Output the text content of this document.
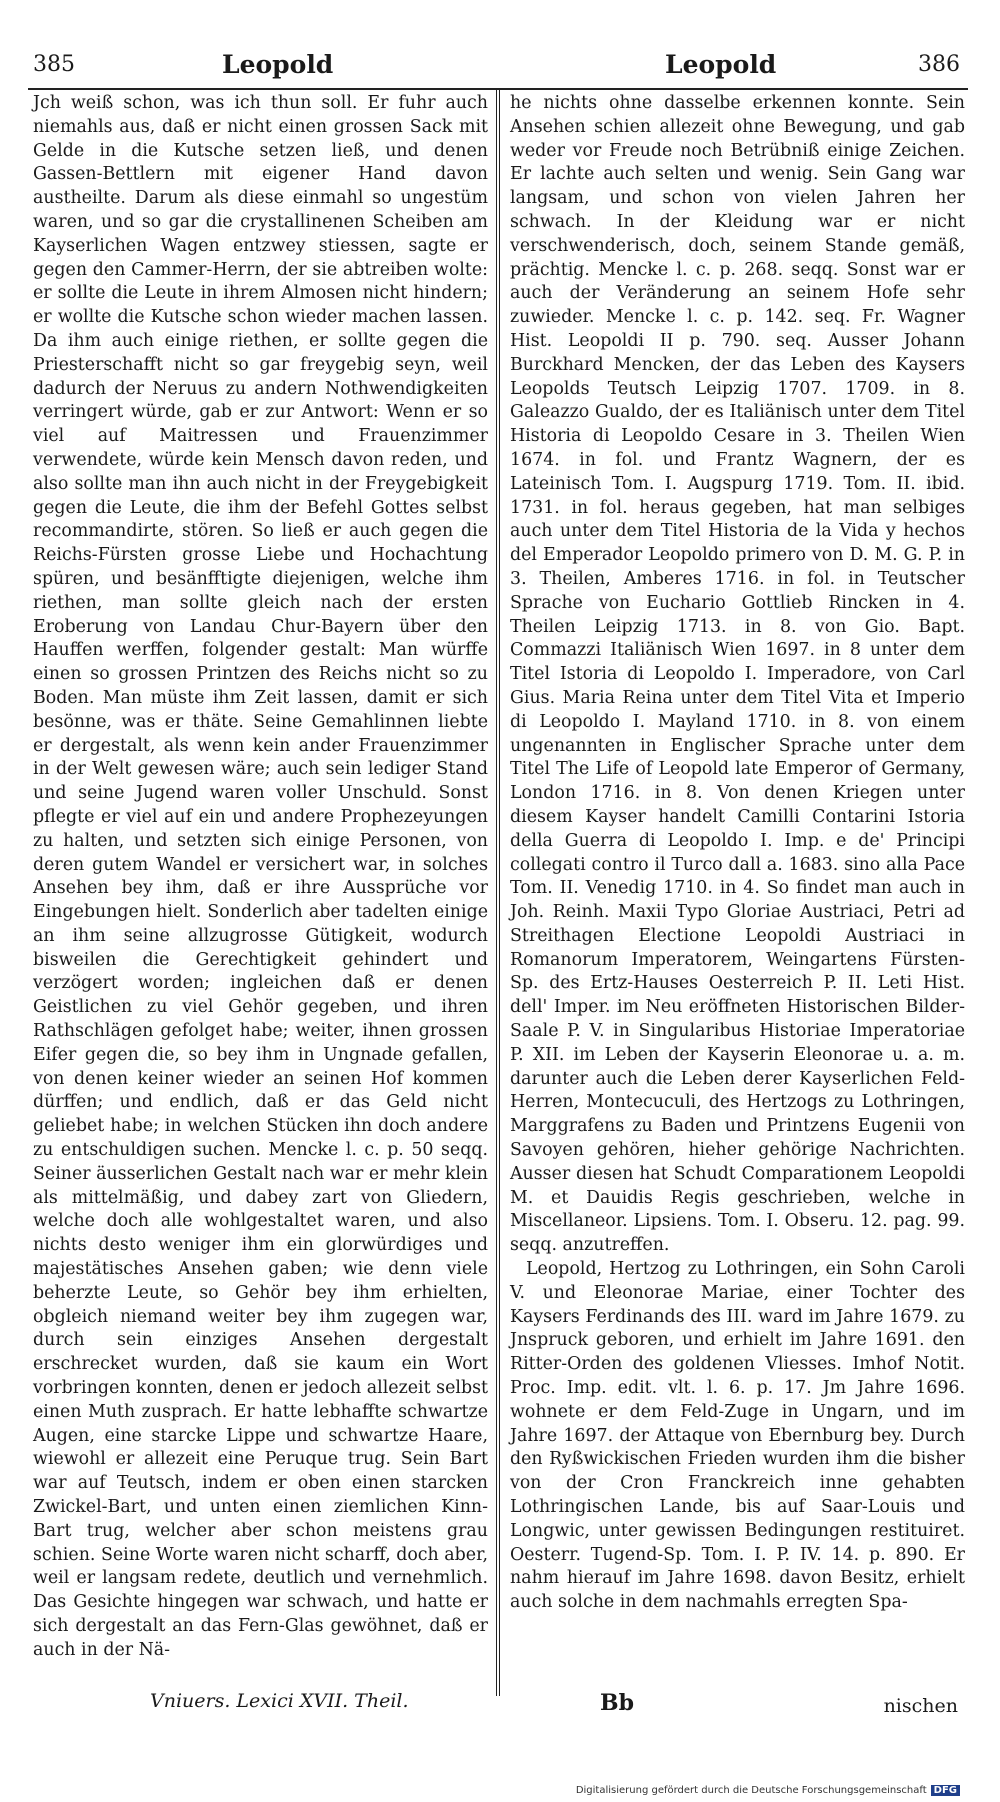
385	Leopold	Leopold	386

Jch weiß schon, was ich thun soll. Er fuhr auch niemahls aus, daß er nicht einen grossen Sack mit Gelde in die Kutsche setzen ließ, und denen Gassen-Bettlern mit eigener Hand davon austheilte. Darum als diese einmahl so ungestüm waren, und so gar die crystallinenen Scheiben am Kayserlichen Wagen entzwey stiessen, sagte er gegen den Cammer-Herrn, der sie abtreiben wolte: er sollte die Leute in ihrem Almosen nicht hindern; er wollte die Kutsche schon wieder machen lassen. Da ihm auch einige riethen, er sollte gegen die Priesterschafft nicht so gar freygebig seyn, weil dadurch der Neruus zu andern Nothwendigkeiten verringert würde, gab er zur Antwort: Wenn er so viel auf Maitressen und Frauenzimmer verwendete, würde kein Mensch davon reden, und also sollte man ihn auch nicht in der Freygebigkeit gegen die Leute, die ihm der Befehl Gottes selbst recommandirte, stören. So ließ er auch gegen die Reichs-Fürsten grosse Liebe und Hochachtung spüren, und besänfftigte diejenigen, welche ihm riethen, man sollte gleich nach der ersten Eroberung von Landau Chur-Bayern über den Hauffen werffen, folgender gestalt: Man würffe einen so grossen Printzen des Reichs nicht so zu Boden. Man müste ihm Zeit lassen, damit er sich besönne, was er thäte. Seine Gemahlinnen liebte er dergestalt, als wenn kein ander Frauenzimmer in der Welt gewesen wäre; auch sein lediger Stand und seine Jugend waren voller Unschuld. Sonst pflegte er viel auf ein und andere Prophezeyungen zu halten, und setzten sich einige Personen, von deren gutem Wandel er versichert war, in solches Ansehen bey ihm, daß er ihre Aussprüche vor Eingebungen hielt. Sonderlich aber tadelten einige an ihm seine allzugrosse Gütigkeit, wodurch bisweilen die Gerechtigkeit gehindert und verzögert worden; ingleichen daß er denen Geistlichen zu viel Gehör gegeben, und ihren Rathschlägen gefolget habe; weiter, ihnen grossen Eifer gegen die, so bey ihm in Ungnade gefallen, von denen keiner wieder an seinen Hof kommen dürffen; und endlich, daß er das Geld nicht geliebet habe; in welchen Stücken ihn doch andere zu entschuldigen suchen. Mencke l. c. p. 50 seqq. Seiner äusserlichen Gestalt nach war er mehr klein als mittelmäßig, und dabey zart von Gliedern, welche doch alle wohlgestaltet waren, und also nichts desto weniger ihm ein glorwürdiges und majestätisches Ansehen gaben; wie denn viele beherzte Leute, so Gehör bey ihm erhielten, obgleich niemand weiter bey ihm zugegen war, durch sein einziges Ansehen dergestalt erschrecket wurden, daß sie kaum ein Wort vorbringen konnten, denen er jedoch allezeit selbst einen Muth zusprach. Er hatte lebhaffte schwartze Augen, eine starcke Lippe und schwartze Haare, wiewohl er allezeit eine Peruque trug. Sein Bart war auf Teutsch, indem er oben einen starcken Zwickel-Bart, und unten einen ziemlichen Kinn-Bart trug, welcher aber schon meistens grau schien. Seine Worte waren nicht scharff, doch aber, weil er langsam redete, deutlich und vernehmlich. Das Gesichte hingegen war schwach, und hatte er sich dergestalt an das Fern-Glas gewöhnet, daß er auch in der Nä-

he nichts ohne dasselbe erkennen konnte. Sein Ansehen schien allezeit ohne Bewegung, und gab weder vor Freude noch Betrübniß einige Zeichen. Er lachte auch selten und wenig. Sein Gang war langsam, und schon von vielen Jahren her schwach. In der Kleidung war er nicht verschwenderisch, doch, seinem Stande gemäß, prächtig. Mencke l. c. p. 268. seqq. Sonst war er auch der Veränderung an seinem Hofe sehr zuwieder. Mencke l. c. p. 142. seq. Fr. Wagner Hist. Leopoldi II p. 790. seq. Ausser Johann Burckhard Mencken, der das Leben des Kaysers Leopolds Teutsch Leipzig 1707. 1709. in 8. Galeazzo Gualdo, der es Italiänisch unter dem Titel Historia di Leopoldo Cesare in 3. Theilen Wien 1674. in fol. und Frantz Wagnern, der es Lateinisch Tom. I. Augspurg 1719. Tom. II. ibid. 1731. in fol. heraus gegeben, hat man selbiges auch unter dem Titel Historia de la Vida y hechos del Emperador Leopoldo primero von D. M. G. P. in 3. Theilen, Amberes 1716. in fol. in Teutscher Sprache von Euchario Gottlieb Rincken in 4. Theilen Leipzig 1713. in 8. von Gio. Bapt. Commazzi Italiänisch Wien 1697. in 8 unter dem Titel Istoria di Leopoldo I. Imperadore, von Carl Gius. Maria Reina unter dem Titel Vita et Imperio di Leopoldo I. Mayland 1710. in 8. von einem ungenannten in Englischer Sprache unter dem Titel The Life of Leopold late Emperor of Germany, London 1716. in 8. Von denen Kriegen unter diesem Kayser handelt Camilli Contarini Istoria della Guerra di Leopoldo I. Imp. e de' Principi collegati contro il Turco dall a. 1683. sino alla Pace Tom. II. Venedig 1710. in 4. So findet man auch in Joh. Reinh. Maxii Typo Gloriae Austriaci, Petri ad Streithagen Electione Leopoldi Austriaci in Romanorum Imperatorem, Weingartens Fürsten-Sp. des Ertz-Hauses Oesterreich P. II. Leti Hist. dell' Imper. im Neu eröffneten Historischen Bilder-Saale P. V. in Singularibus Historiae Imperatoriae P. XII. im Leben der Kayserin Eleonorae u. a. m. darunter auch die Leben derer Kayserlichen Feld-Herren, Montecuculi, des Hertzogs zu Lothringen, Marggrafens zu Baden und Printzens Eugenii von Savoyen gehören, hieher gehörige Nachrichten. Ausser diesen hat Schudt Comparationem Leopoldi M. et Dauidis Regis geschrieben, welche in Miscellaneor. Lipsiens. Tom. I. Obseru. 12. pag. 99. seqq. anzutreffen.

Leopold, Hertzog zu Lothringen, ein Sohn Caroli V. und Eleonorae Mariae, einer Tochter des Kaysers Ferdinands des III. ward im Jahre 1679. zu Jnspruck geboren, und erhielt im Jahre 1691. den Ritter-Orden des goldenen Vliesses. Imhof Notit. Proc. Imp. edit. vlt. l. 6. p. 17. Jm Jahre 1696. wohnete er dem Feld-Zuge in Ungarn, und im Jahre 1697. der Attaque von Ebernburg bey. Durch den Ryßwickischen Frieden wurden ihm die bisher von der Cron Franckreich inne gehabten Lothringischen Lande, bis auf Saar-Louis und Longwic, unter gewissen Bedingungen restituiret. Oesterr. Tugend-Sp. Tom. I. P. IV. 14. p. 890. Er nahm hierauf im Jahre 1698. davon Besitz, erhielt auch solche in dem nachmahls erregten Spa-

Vniuers. Lexici XVII. Theil.	Bb	nischen
Digitalisierung gefördert durch die Deutsche Forschungsgemeinschaft DFG
